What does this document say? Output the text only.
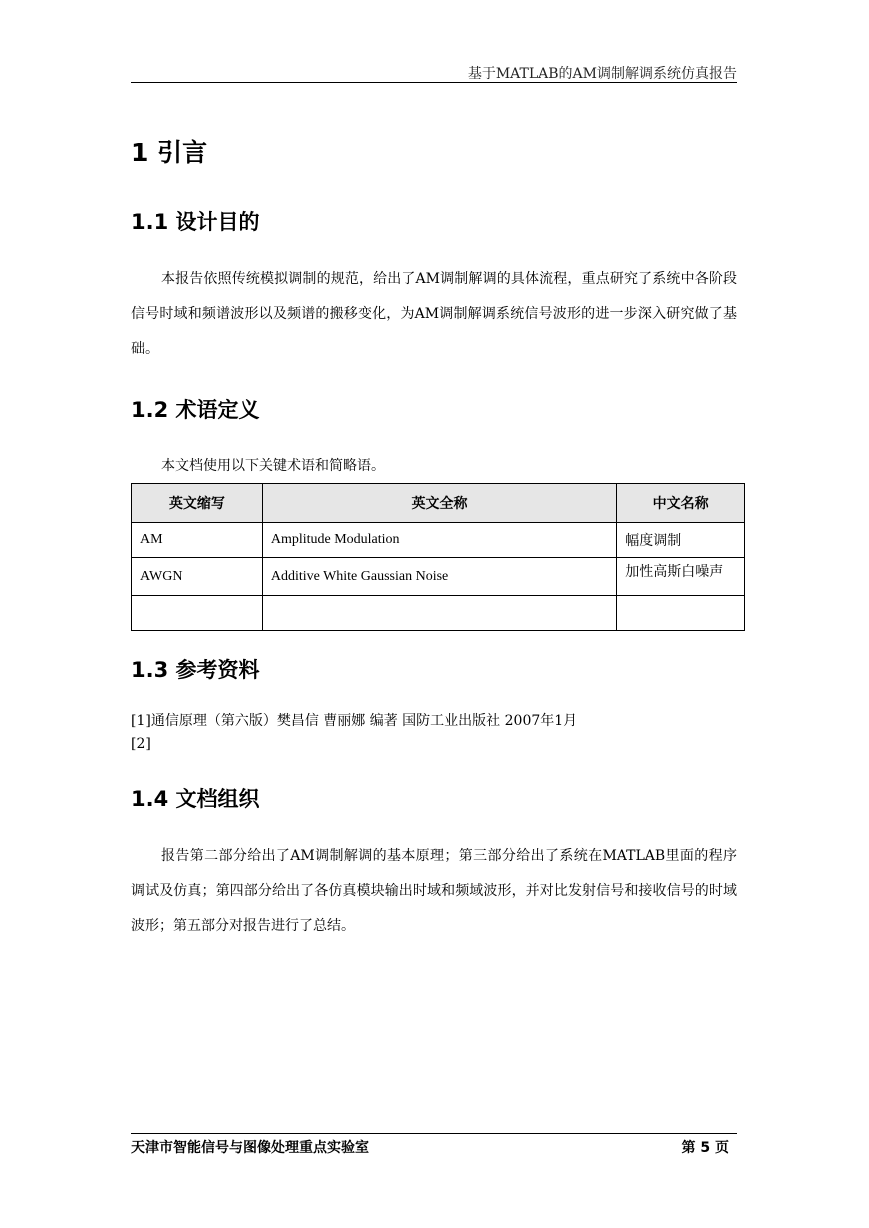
基于MATLAB的AM调制解调系统仿真报告
1 引言
1.1 设计目的

本报告依照传统模拟调制的规范，给出了AM调制解调的具体流程，重点研究了系统中各阶段信号时域和频谱波形以及频谱的搬移变化，为AM调制解调系统信号波形的进一步深入研究做了基础。

1.2 术语定义
本文档使用以下关键术语和简略语。
英文缩写	英文全称	中文名称
AM	Amplitude Modulation	幅度调制
AWGN	Additive White Gaussian Noise	加性高斯白噪声

1.3 参考资料
[1]通信原理（第六版）樊昌信 曹丽娜 编著 国防工业出版社 2007年1月
[2]
1.4 文档组织

报告第二部分给出了AM调制解调的基本原理；第三部分给出了系统在MATLAB里面的程序调试及仿真；第四部分给出了各仿真模块输出时域和频域波形，并对比发射信号和接收信号的时域波形；第五部分对报告进行了总结。

天津市智能信号与图像处理重点实验室	第 5 页
